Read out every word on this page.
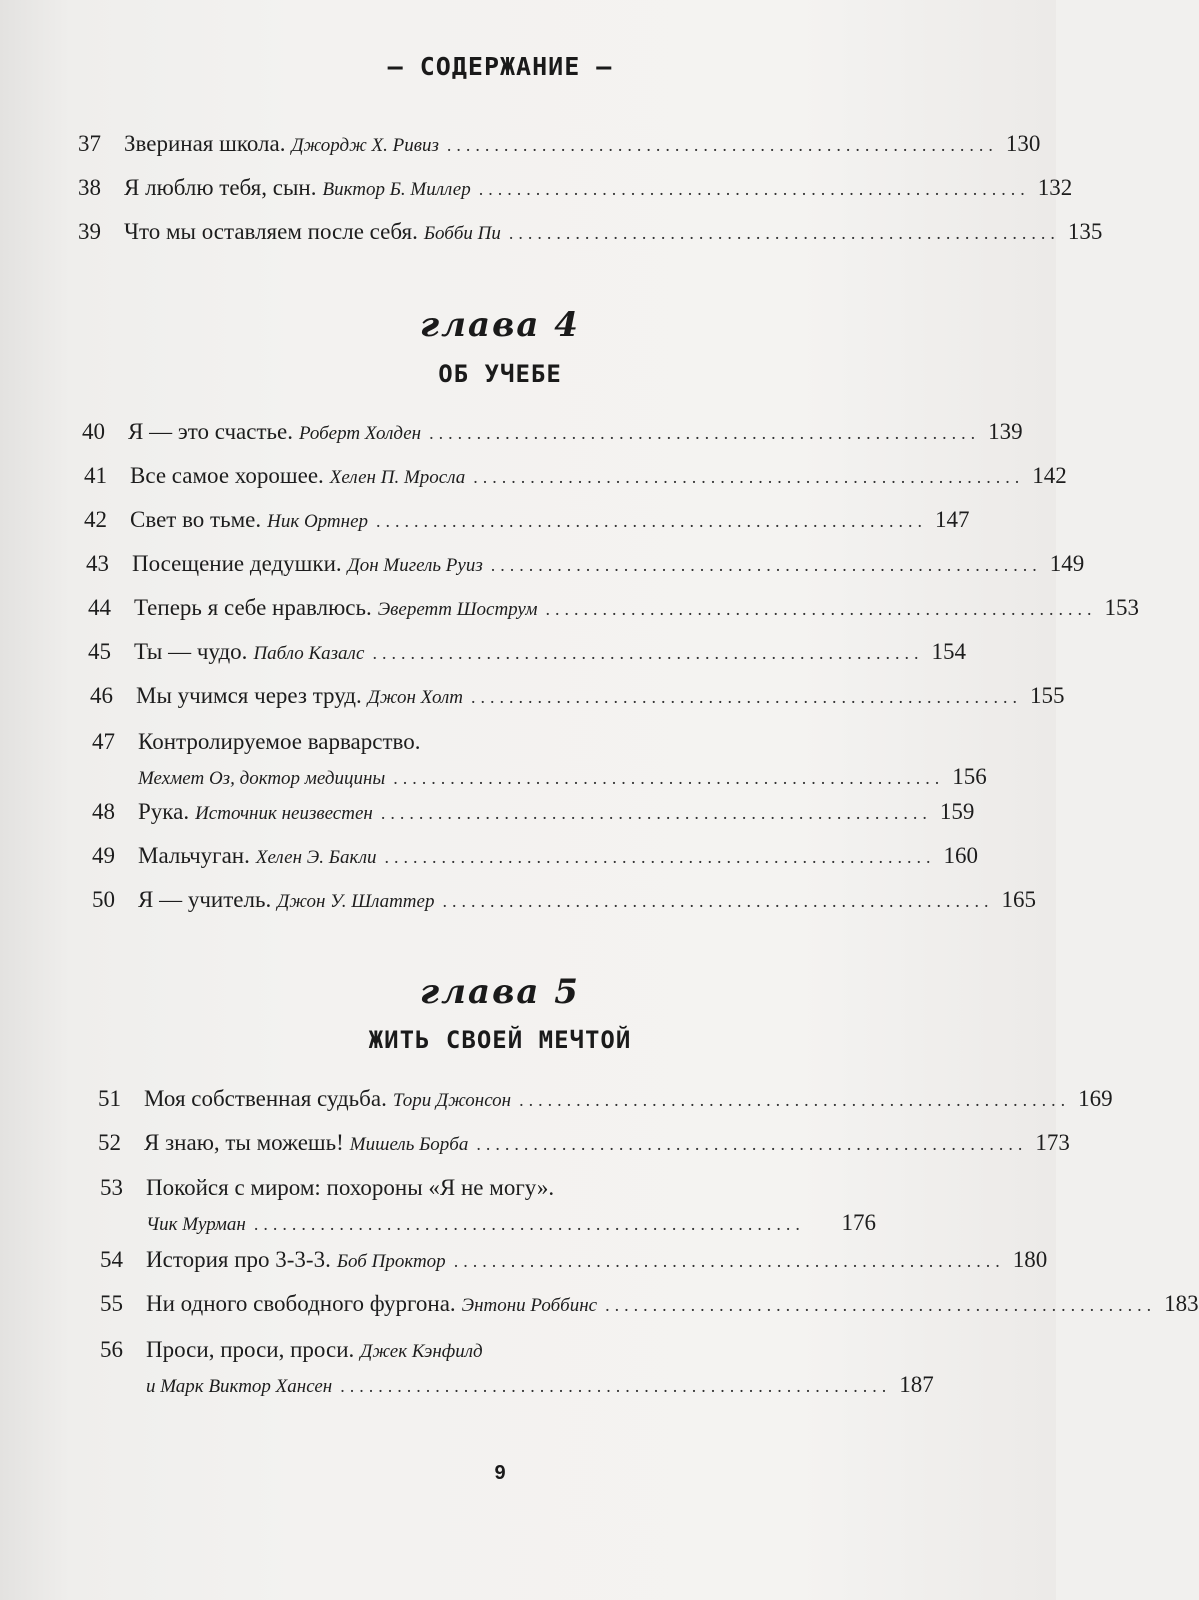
– СОДЕРЖАНИЕ –
37	Звериная школа. Джордж Х. Ривиз .......................................................... 130
38	Я люблю тебя, сын. Виктор Б. Миллер .......................................................... 132
39	Что мы оставляем после себя. Бобби Пи .......................................................... 135
глава 4
ОБ УЧЕБЕ
40	Я — это счастье. Роберт Холден .......................................................... 139
41	Все самое хорошее. Хелен П. Мросла .......................................................... 142
42	Свет во тьме. Ник Ортнер .......................................................... 147
43	Посещение дедушки. Дон Мигель Руиз .......................................................... 149
44	Теперь я себе нравлюсь. Эверетт Шострум .......................................................... 153
45	Ты — чудо. Пабло Казалс .......................................................... 154
46	Мы учимся через труд. Джон Холт .......................................................... 155
47	Контролируемое варварство.
Мехмет Оз, доктор медицины .......................................................... 156
48	Рука. Источник неизвестен .......................................................... 159
49	Мальчуган. Хелен Э. Бакли .......................................................... 160
50	Я — учитель. Джон У. Шлаттер .......................................................... 165
глава 5
ЖИТЬ СВОЕЙ МЕЧТОЙ
51	Моя собственная судьба. Тори Джонсон .......................................................... 169
52	Я знаю, ты можешь! Мишель Борба .......................................................... 173
53	Покойся с миром: похороны «Я не могу».
Чик Мурман ..........................................................	176
54	История про 3-3-3. Боб Проктор .......................................................... 180
55	Ни одного свободного фургона. Энтони Роббинс .......................................................... 183
56	Проси, проси, проси. Джек Кэнфилд
и Марк Виктор Хансен .......................................................... 187
9
